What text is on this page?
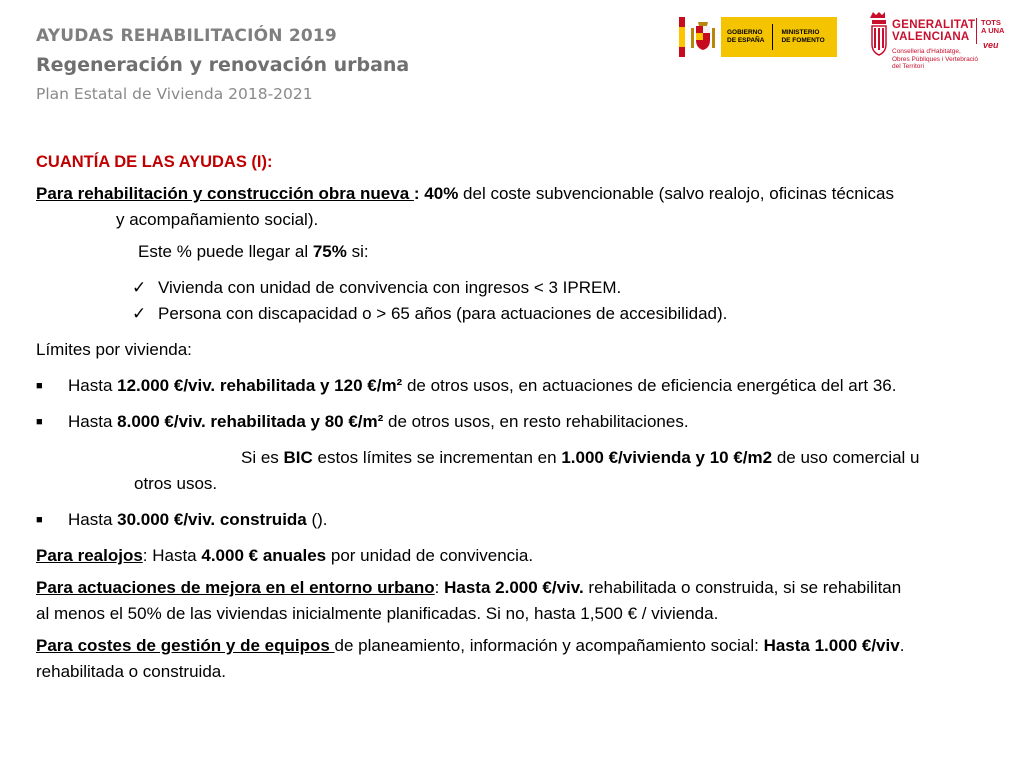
AYUDAS REHABILITACIÓN 2019
Regeneración y renovación urbana
Plan Estatal de Vivienda 2018-2021
GOBIERNO
DE ESPAÑA
MINISTERIO
DE FOMENTO
GENERALITAT
VALENCIANA
TOTS
A UNA
veu
Conselleria d'Habitatge,
Obres Públiques i Vertebració
del Territori
CUANTÍA DE LAS AYUDAS (I):
Para rehabilitación y construcción obra nueva : 40% del coste subvencionable (salvo realojo, oficinas técnicas
y acompañamiento social).
Este % puede llegar al 75% si:
✓ Vivienda con unidad de convivencia con ingresos < 3 IPREM.
✓ Persona con discapacidad o > 65 años (para actuaciones de accesibilidad).
Límites por vivienda:
■	Hasta 12.000 €/viv. rehabilitada y 120 €/m² de otros usos, en actuaciones de eficiencia energética del art 36.
■	Hasta 8.000 €/viv. rehabilitada y 80 €/m² de otros usos, en resto rehabilitaciones.
Si es BIC estos límites se incrementan en 1.000 €/vivienda y 10 €/m2 de uso comercial u
otros usos.
■	Hasta 30.000 €/viv. construida ().
Para realojos: Hasta 4.000 € anuales por unidad de convivencia.
Para actuaciones de mejora en el entorno urbano: Hasta 2.000 €/viv. rehabilitada o construida, si se rehabilitan
al menos el 50% de las viviendas inicialmente planificadas. Si no, hasta 1,500 € / vivienda.
Para costes de gestión y de equipos de planeamiento, información y acompañamiento social: Hasta 1.000 €/viv.
rehabilitada o construida.
